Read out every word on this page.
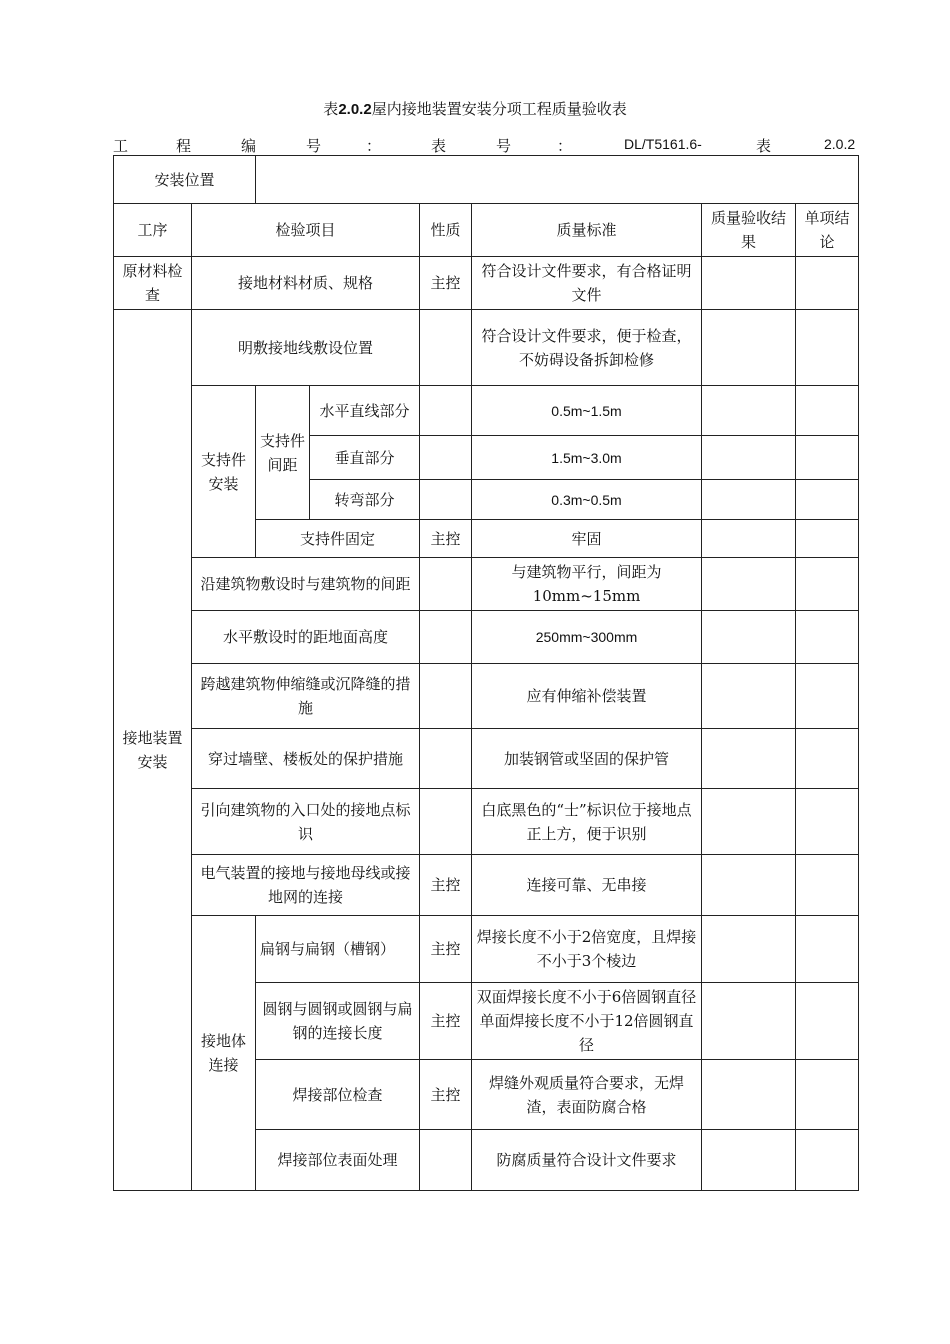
表2.0.2屋内接地装置安装分项工程质量验收表
工	程	编	号	：	表	号	：	DL/T5161.6-	表	2.0.2
安装位置							
工序	检验项目			性质	质量标准	质量验收结果	单项结论
原材料检查	接地材料材质、规格			主控	符合设计文件要求，有合格证明文件		
接地装置安装	明敷接地线敷设位置				符合设计文件要求，便于检查，不妨碍设备拆卸检修		
	支持件安装	支持件间距	水平直线部分		0.5m~1.5m		
			垂直部分		1.5m~3.0m		
			转弯部分		0.3m~0.5m		
		支持件固定		主控	牢固		
	沿建筑物敷设时与建筑物的间距				与建筑物平行，间距为10mm~15mm		
	水平敷设时的距地面高度				250mm~300mm		
	跨越建筑物伸缩缝或沉降缝的措施				应有伸缩补偿装置		
	穿过墙壁、楼板处的保护措施				加装钢管或坚固的保护管		
	引向建筑物的入口处的接地点标识				白底黑色的“士”标识位于接地点正上方，便于识别		
	电气装置的接地与接地母线或接地网的连接			主控	连接可靠、无串接		
	接地体连接	扁钢与扁钢（槽钢）		主控	焊接长度不小于2倍宽度，且焊接不小于3个棱边		
		圆钢与圆钢或圆钢与扁钢的连接长度		主控	双面焊接长度不小于6倍圆钢直径单面焊接长度不小于12倍圆钢直径		
		焊接部位检查		主控	焊缝外观质量符合要求，无焊渣，表面防腐合格		
		焊接部位表面处理			防腐质量符合设计文件要求		
